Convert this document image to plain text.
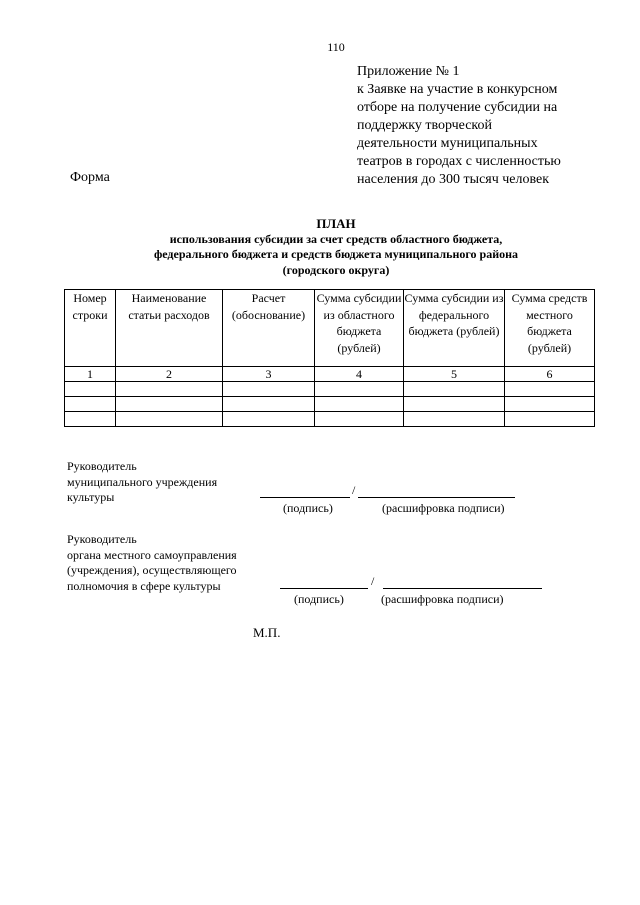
110
Приложение № 1
к Заявке на участие в конкурсном
отборе на получение субсидии на
поддержку творческой
деятельности муниципальных
театров в городах с численностью
населения до 300 тысяч человек
Форма
ПЛАН
использования субсидии за счет средств областного бюджета,
федерального бюджета и средств бюджета муниципального района
(городского округа)
Номер строки	Наименование статьи расходов	Расчет (обоснование)	Сумма субсидии из областного бюджета (рублей)	Сумма субсидии из федерального бюджета (рублей)	Сумма средств местного бюджета (рублей)
1	2	3	4	5	6

Руководитель
муниципального учреждения
культуры	/
(подпись)	(расшифровка подписи)
Руководитель
органа местного самоуправления
(учреждения), осуществляющего
полномочия в сфере культуры	/
(подпись)	(расшифровка подписи)
М.П.
